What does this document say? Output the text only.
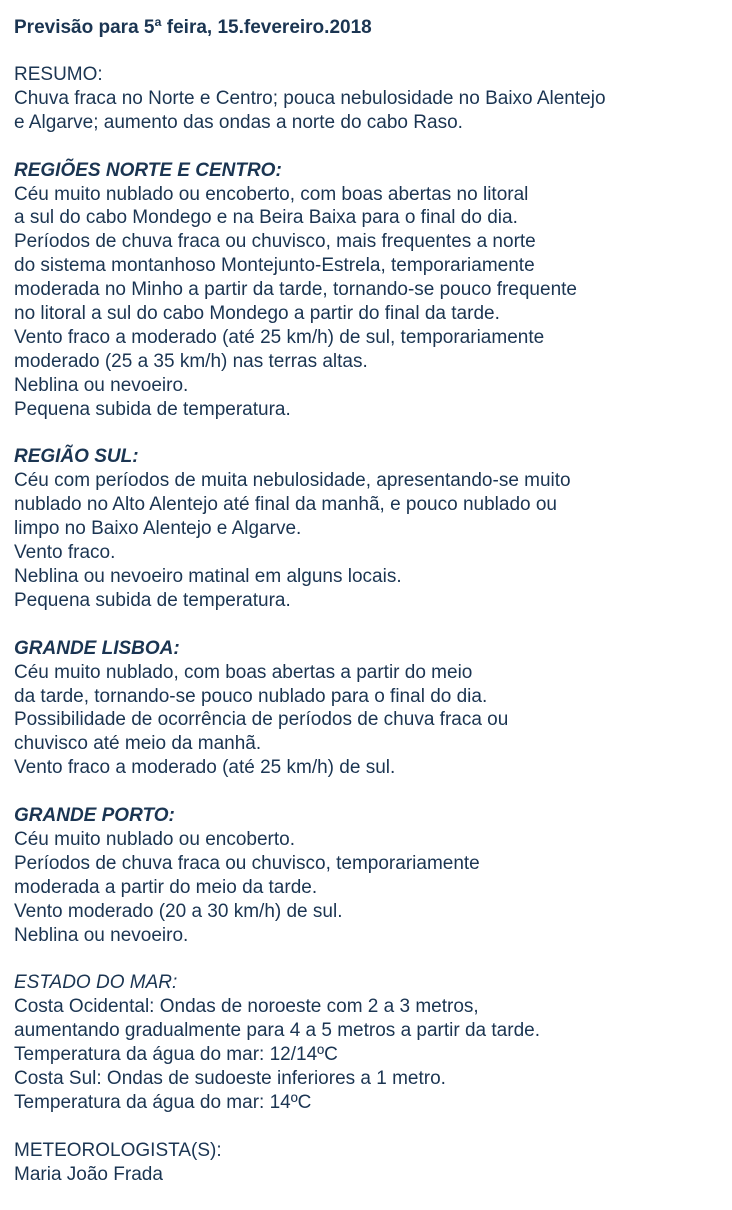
Previsão para 5ª feira, 15.fevereiro.2018
RESUMO:
Chuva fraca no Norte e Centro; pouca nebulosidade no Baixo Alentejo
e Algarve; aumento das ondas a norte do cabo Raso.
REGIÕES NORTE E CENTRO:
Céu muito nublado ou encoberto, com boas abertas no litoral
a sul do cabo Mondego e na Beira Baixa para o final do dia.
Períodos de chuva fraca ou chuvisco, mais frequentes a norte
do sistema montanhoso Montejunto-Estrela, temporariamente
moderada no Minho a partir da tarde, tornando-se pouco frequente
no litoral a sul do cabo Mondego a partir do final da tarde.
Vento fraco a moderado (até 25 km/h) de sul, temporariamente
moderado (25 a 35 km/h) nas terras altas.
Neblina ou nevoeiro.
Pequena subida de temperatura.
REGIÃO SUL:
Céu com períodos de muita nebulosidade, apresentando-se muito
nublado no Alto Alentejo até final da manhã, e pouco nublado ou
limpo no Baixo Alentejo e Algarve.
Vento fraco.
Neblina ou nevoeiro matinal em alguns locais.
Pequena subida de temperatura.
GRANDE LISBOA:
Céu muito nublado, com boas abertas a partir do meio
da tarde, tornando-se pouco nublado para o final do dia.
Possibilidade de ocorrência de períodos de chuva fraca ou
chuvisco até meio da manhã.
Vento fraco a moderado (até 25 km/h) de sul.
GRANDE PORTO:
Céu muito nublado ou encoberto.
Períodos de chuva fraca ou chuvisco, temporariamente
moderada a partir do meio da tarde.
Vento moderado (20 a 30 km/h) de sul.
Neblina ou nevoeiro.
ESTADO DO MAR:
Costa Ocidental: Ondas de noroeste com 2 a 3 metros,
aumentando gradualmente para 4 a 5 metros a partir da tarde.
Temperatura da água do mar: 12/14ºC
Costa Sul: Ondas de sudoeste inferiores a 1 metro.
Temperatura da água do mar: 14ºC
METEOROLOGISTA(S):
Maria João Frada
